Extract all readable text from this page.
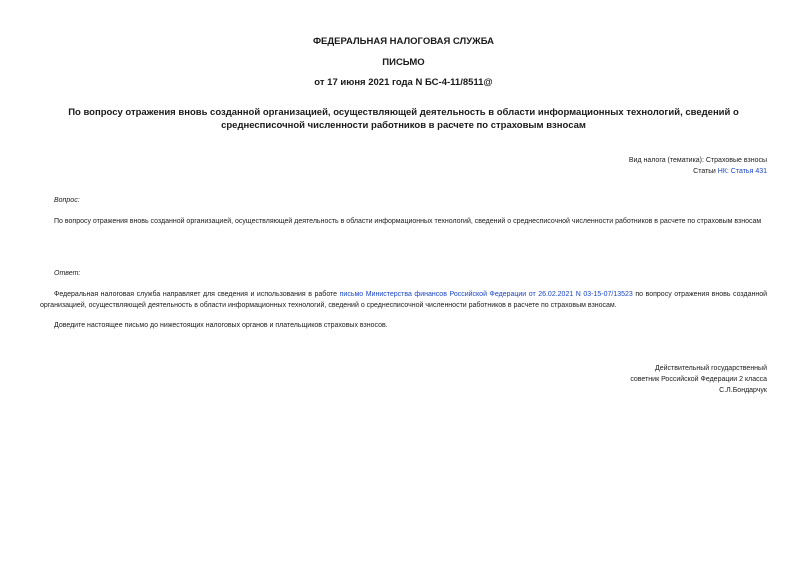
ФЕДЕРАЛЬНАЯ НАЛОГОВАЯ СЛУЖБА
ПИСЬМО
от 17 июня 2021 года N БС-4-11/8511@
По вопросу отражения вновь созданной организацией, осуществляющей деятельность в области информационных технологий, сведений о среднесписочной численности работников в расчете по страховым взносам
Вид налога (тематика): Страховые взносы
Статьи НК: Статья 431
Вопрос:
По вопросу отражения вновь созданной организацией, осуществляющей деятельность в области информационных технологий, сведений о среднесписочной численности работников в расчете по страховым взносам
Ответ:
Федеральная налоговая служба направляет для сведения и использования в работе письмо Министерства финансов Российской Федерации от 26.02.2021 N 03-15-07/13523 по вопросу отражения вновь созданной организацией, осуществляющей деятельность в области информационных технологий, сведений о среднесписочной численности работников в расчете по страховым взносам.
Доведите настоящее письмо до нижестоящих налоговых органов и плательщиков страховых взносов.
Действительный государственный
советник Российской Федерации 2 класса
С.Л.Бондарчук
